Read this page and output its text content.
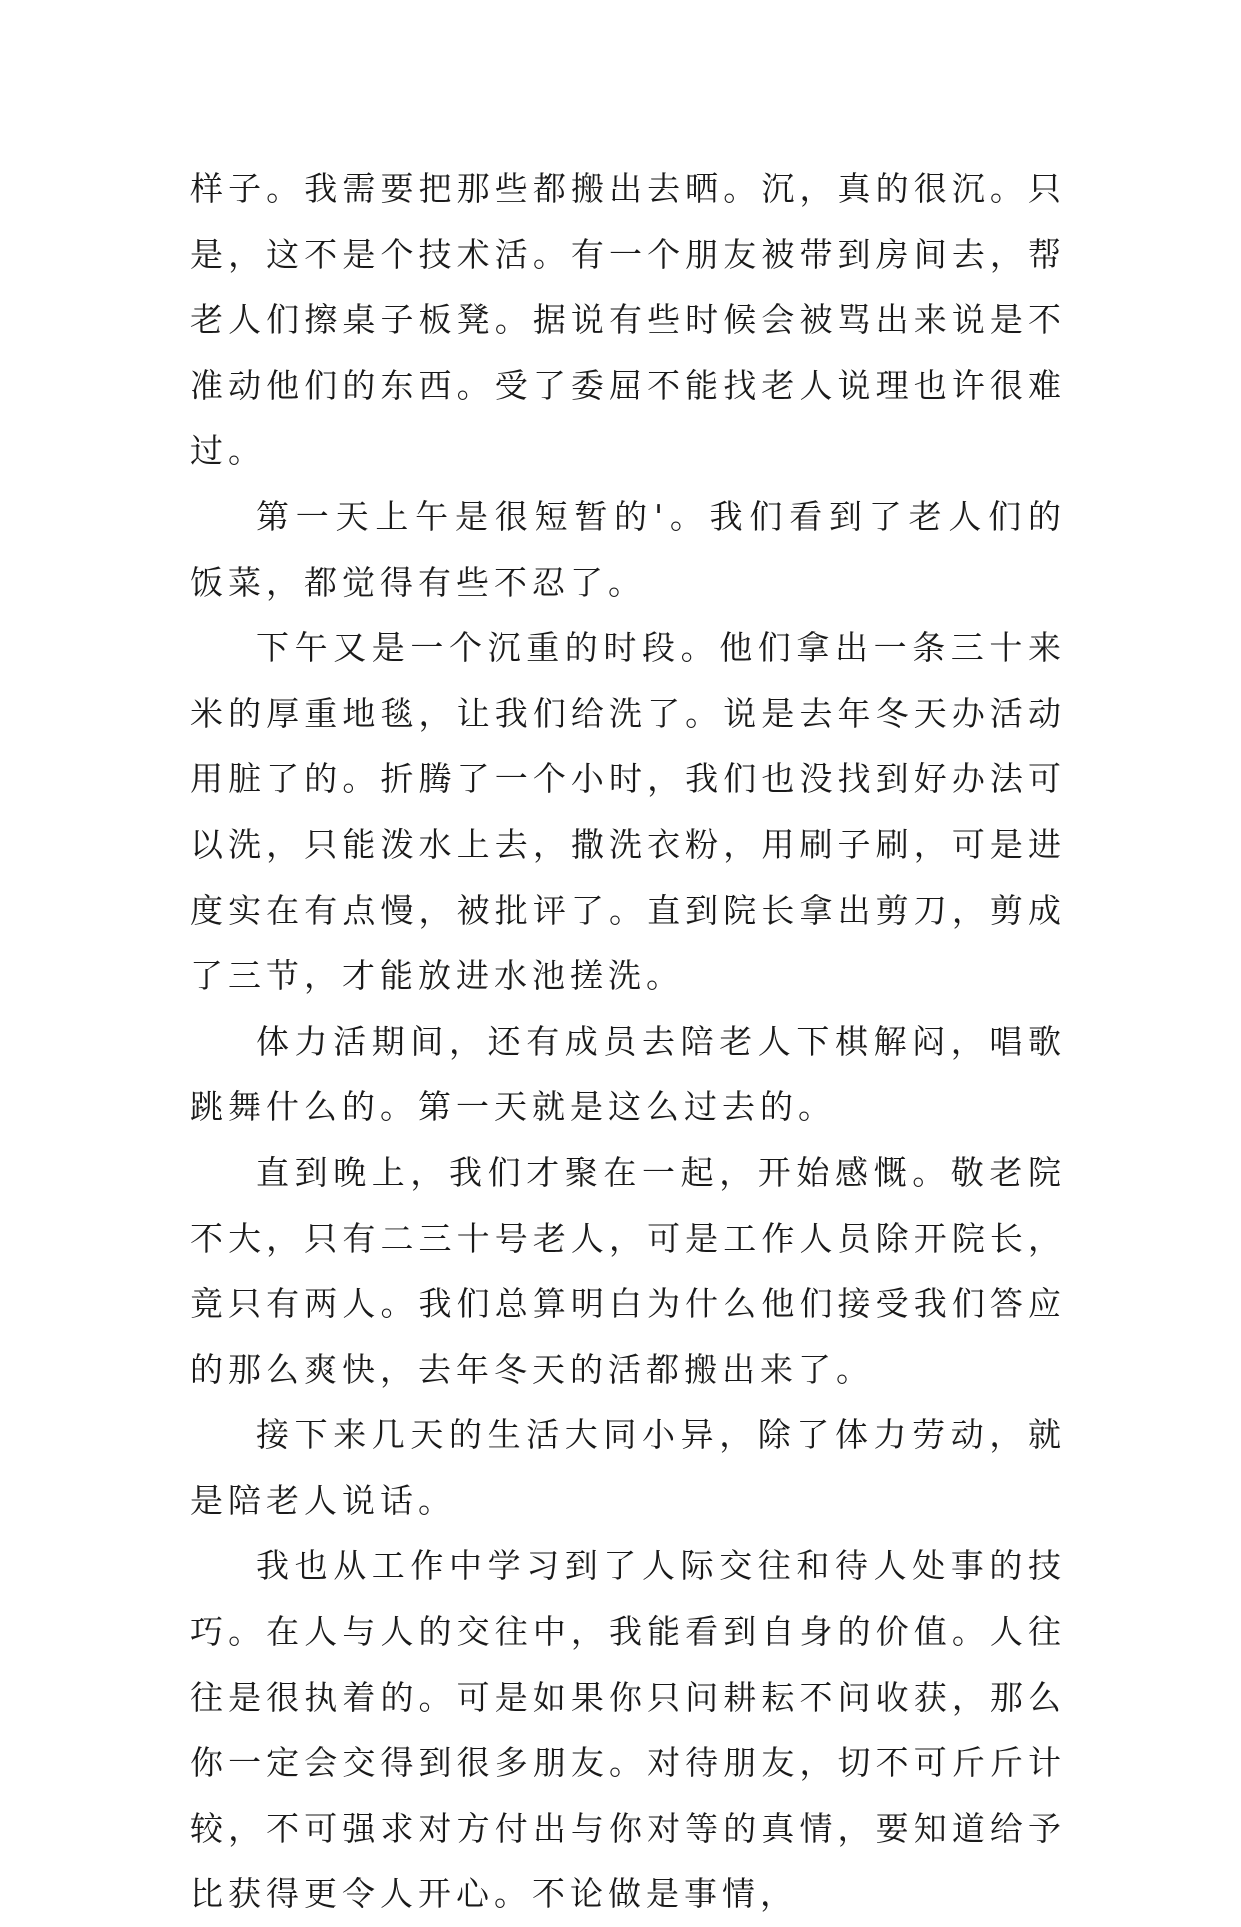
样子。我需要把那些都搬出去晒。沉，真的很沉。只是，这不是个技术活。有一个朋友被带到房间去，帮老人们擦桌子板凳。据说有些时候会被骂出来说是不准动他们的东西。受了委屈不能找老人说理也许很难过。

第一天上午是很短暂的'。我们看到了老人们的饭菜，都觉得有些不忍了。

下午又是一个沉重的时段。他们拿出一条三十来米的厚重地毯，让我们给洗了。说是去年冬天办活动用脏了的。折腾了一个小时，我们也没找到好办法可以洗，只能泼水上去，撒洗衣粉，用刷子刷，可是进度实在有点慢，被批评了。直到院长拿出剪刀，剪成了三节，才能放进水池搓洗。

体力活期间，还有成员去陪老人下棋解闷，唱歌跳舞什么的。第一天就是这么过去的。

直到晚上，我们才聚在一起，开始感慨。敬老院不大，只有二三十号老人，可是工作人员除开院长，竟只有两人。我们总算明白为什么他们接受我们答应的那么爽快，去年冬天的活都搬出来了。

接下来几天的生活大同小异，除了体力劳动，就是陪老人说话。

我也从工作中学习到了人际交往和待人处事的技巧。在人与人的交往中，我能看到自身的价值。人往往是很执着的。可是如果你只问耕耘不问收获，那么你一定会交得到很多朋友。对待朋友，切不可斤斤计较，不可强求对方付出与你对等的真情，要知道给予比获得更令人开心。不论做是事情，
